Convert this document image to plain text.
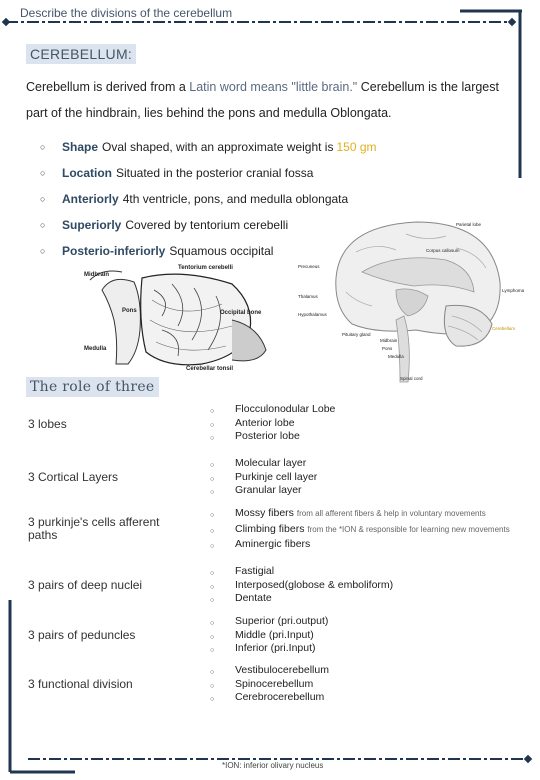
Describe the divisions of the cerebellum
CEREBELLUM:
Cerebellum is derived from a Latin word means "little brain." Cerebellum is the largest part of the hindbrain, lies behind the pons and medulla Oblongata.
○	Shape Oval shaped, with an approximate weight is 150 gm
○	Location Situated in the posterior cranial fossa
○	Anteriorly 4th ventricle, pons, and medulla oblongata
○	Superiorly Covered by tentorium cerebelli
○	Posterio-inferiorly Squamous occipital
Midbrain
Tentorium cerebelli
Pons
Medulla
Occipital bone
Cerebellar tonsil
Parietal lobe
Precuneus
Thalamus
Hypothalamus
Corpus callosum
Lymphoma
Cerebellum
Pituitary gland
Midbrain
Pons
Medulla
Spinal cord
The role of three
3 lobes
○	Flocculonodular Lobe
○	Anterior lobe
○	Posterior lobe
3 Cortical Layers
○	Molecular layer
○	Purkinje cell layer
○	Granular layer
3 purkinje's cells afferent paths
○	Mossy fibers from all afferent fibers & help in voluntary movements
○	Climbing fibers from the *ION & responsible for learning new movements
○	Aminergic fibers
3 pairs of deep nuclei
○	Fastigial
○	Interposed(globose & emboliform)
○	Dentate
3 pairs of peduncles
○	Superior (pri.output)
○	Middle (pri.Input)
○	Inferior (pri.Input)
3 functional division
○	Vestibulocerebellum
○	Spinocerebellum
○	Cerebrocerebellum
*ION: inferior olivary nucleus
